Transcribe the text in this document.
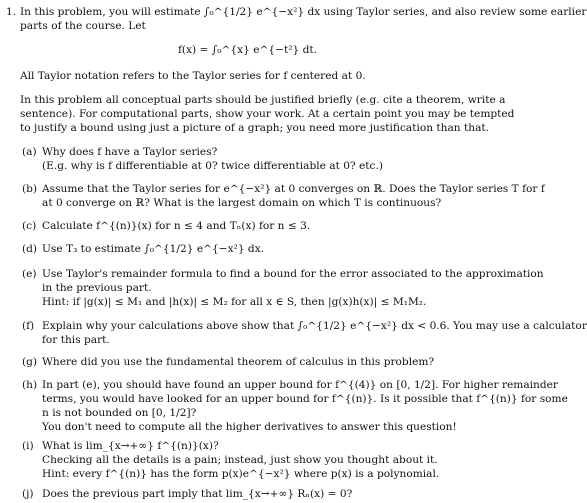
1. In this problem, you will estimate ∫₀^{1/2} e^{−x²} dx using Taylor series, and also review some earlier
parts of the course. Let
f(x) = ∫₀^{x} e^{−t²} dt.
All Taylor notation refers to the Taylor series for f centered at 0.
In this problem all conceptual parts should be justified briefly (e.g. cite a theorem, write a
sentence). For computational parts, show your work. At a certain point you may be tempted
to justify a bound using just a picture of a graph; you need more justification than that.
(a) Why does f have a Taylor series?
(E.g. why is f differentiable at 0? twice differentiable at 0? etc.)
(b) Assume that the Taylor series for e^{−x²} at 0 converges on ℝ. Does the Taylor series T for f
at 0 converge on ℝ? What is the largest domain on which T is continuous?
(c) Calculate f^{(n)}(x) for n ≤ 4 and Tₙ(x) for n ≤ 3.
(d) Use T₃ to estimate ∫₀^{1/2} e^{−x²} dx.
(e) Use Taylor's remainder formula to find a bound for the error associated to the approximation
in the previous part.
Hint: if |g(x)| ≤ M₁ and |h(x)| ≤ M₂ for all x ∈ S, then |g(x)h(x)| ≤ M₁M₂.
(f) Explain why your calculations above show that ∫₀^{1/2} e^{−x²} dx < 0.6. You may use a calculator
for this part.
(g) Where did you use the fundamental theorem of calculus in this problem?
(h) In part (e), you should have found an upper bound for f^{(4)} on [0, 1/2]. For higher remainder
terms, you would have looked for an upper bound for f^{(n)}. Is it possible that f^{(n)} for some
n is not bounded on [0, 1/2]?
You don't need to compute all the higher derivatives to answer this question!
(i) What is lim_{x→+∞} f^{(n)}(x)?
Checking all the details is a pain; instead, just show you thought about it.
Hint: every f^{(n)} has the form p(x)e^{−x²} where p(x) is a polynomial.
(j) Does the previous part imply that lim_{x→+∞} Rₙ(x) = 0?
